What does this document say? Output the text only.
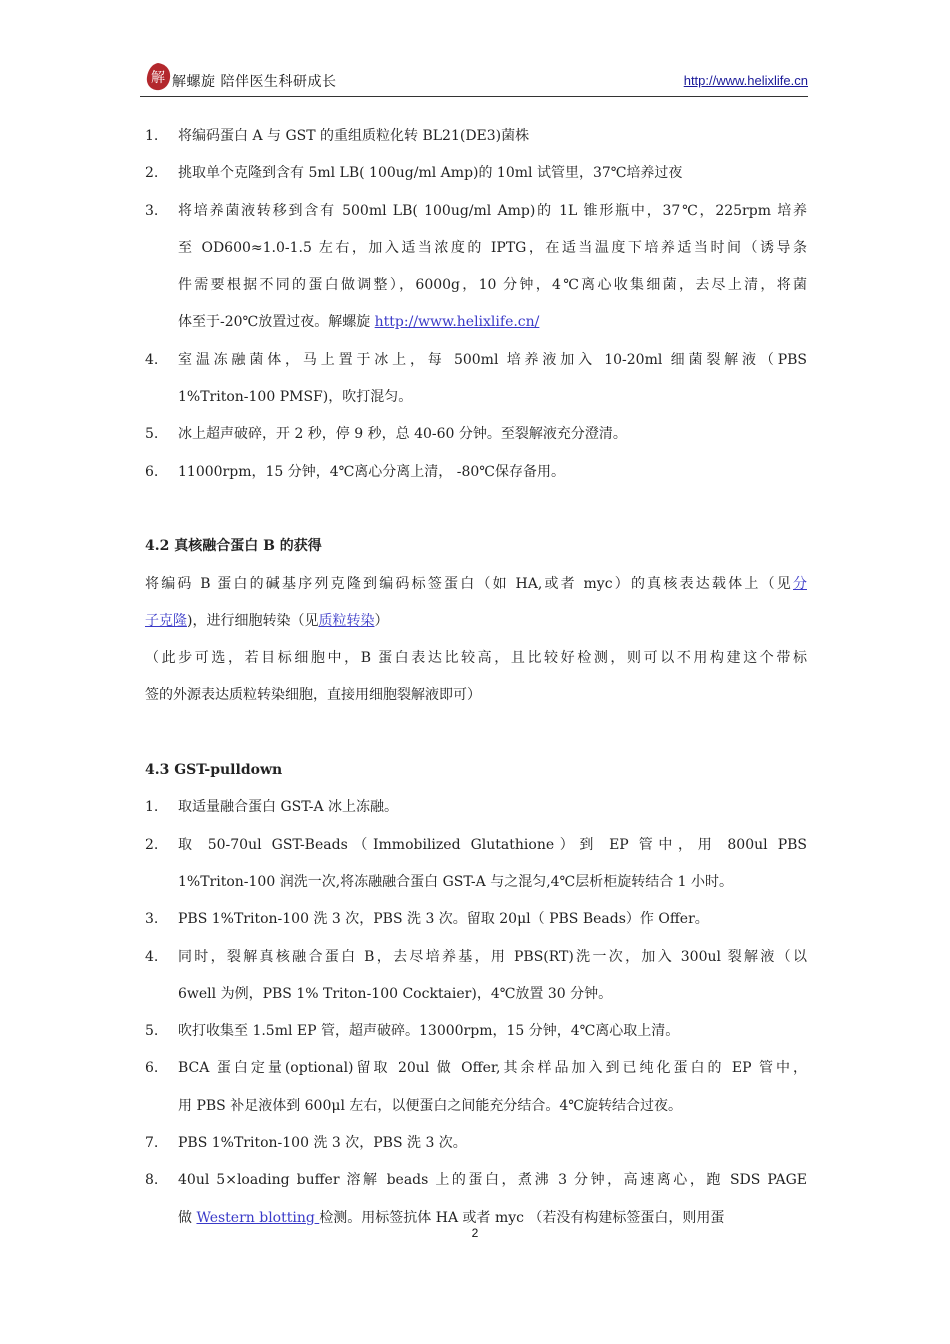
解 解螺旋 陪伴医生科研成长	http://www.helixlife.cn
1. 将编码蛋白 A 与 GST 的重组质粒化转 BL21(DE3)菌株
2. 挑取单个克隆到含有 5ml LB( 100ug/ml Amp)的 10ml 试管里，37℃培养过夜
3. 将培养菌液转移到含有 500ml LB( 100ug/ml Amp)的 1L 锥形瓶中，37℃，225rpm 培养
至 OD600≈1.0-1.5 左右，加入适当浓度的 IPTG，在适当温度下培养适当时间（诱导条
件需要根据不同的蛋白做调整），6000g，10 分钟，4℃离心收集细菌，去尽上清，将菌
体至于-20℃放置过夜。解螺旋 http://www.helixlife.cn/
4. 室温冻融菌体，马上置于冰上，每 500ml 培养液加入 10-20ml 细菌裂解液（PBS
1%Triton-100 PMSF)，吹打混匀。
5. 冰上超声破碎，开 2 秒，停 9 秒，总 40-60 分钟。至裂解液充分澄清。
6. 11000rpm，15 分钟，4℃离心分离上清， -80℃保存备用。
4.2 真核融合蛋白 B 的获得
将编码 B 蛋白的碱基序列克隆到编码标签蛋白（如 HA,或者 myc）的真核表达载体上（见分
子克隆)，进行细胞转染（见质粒转染）
（此步可选，若目标细胞中，B 蛋白表达比较高，且比较好检测，则可以不用构建这个带标
签的外源表达质粒转染细胞，直接用细胞裂解液即可）
4.3 GST-pulldown
1. 取适量融合蛋白 GST-A 冰上冻融。
2. 取 50-70ul GST-Beads（Immobilized Glutathione）到 EP 管中，用 800ul PBS
1%Triton-100 润洗一次,将冻融融合蛋白 GST-A 与之混匀,4℃层析柜旋转结合 1 小时。
3. PBS 1%Triton-100 洗 3 次，PBS 洗 3 次。留取 20μl（ PBS Beads）作 Offer。
4. 同时，裂解真核融合蛋白 B，去尽培养基，用 PBS(RT)洗一次，加入 300ul 裂解液（以
6well 为例，PBS 1% Triton-100 Cocktaier)，4℃放置 30 分钟。
5. 吹打收集至 1.5ml EP 管，超声破碎。13000rpm，15 分钟，4℃离心取上清。
6. BCA 蛋白定量(optional)留取 20ul 做 Offer,其余样品加入到已纯化蛋白的 EP 管中，
用 PBS 补足液体到 600μl 左右，以便蛋白之间能充分结合。4℃旋转结合过夜。
7. PBS 1%Triton-100 洗 3 次，PBS 洗 3 次。
8. 40ul 5×loading buffer 溶解 beads 上的蛋白，煮沸 3 分钟，高速离心，跑 SDS PAGE
做 Western blotting 检测。用标签抗体 HA 或者 myc （若没有构建标签蛋白，则用蛋
2
